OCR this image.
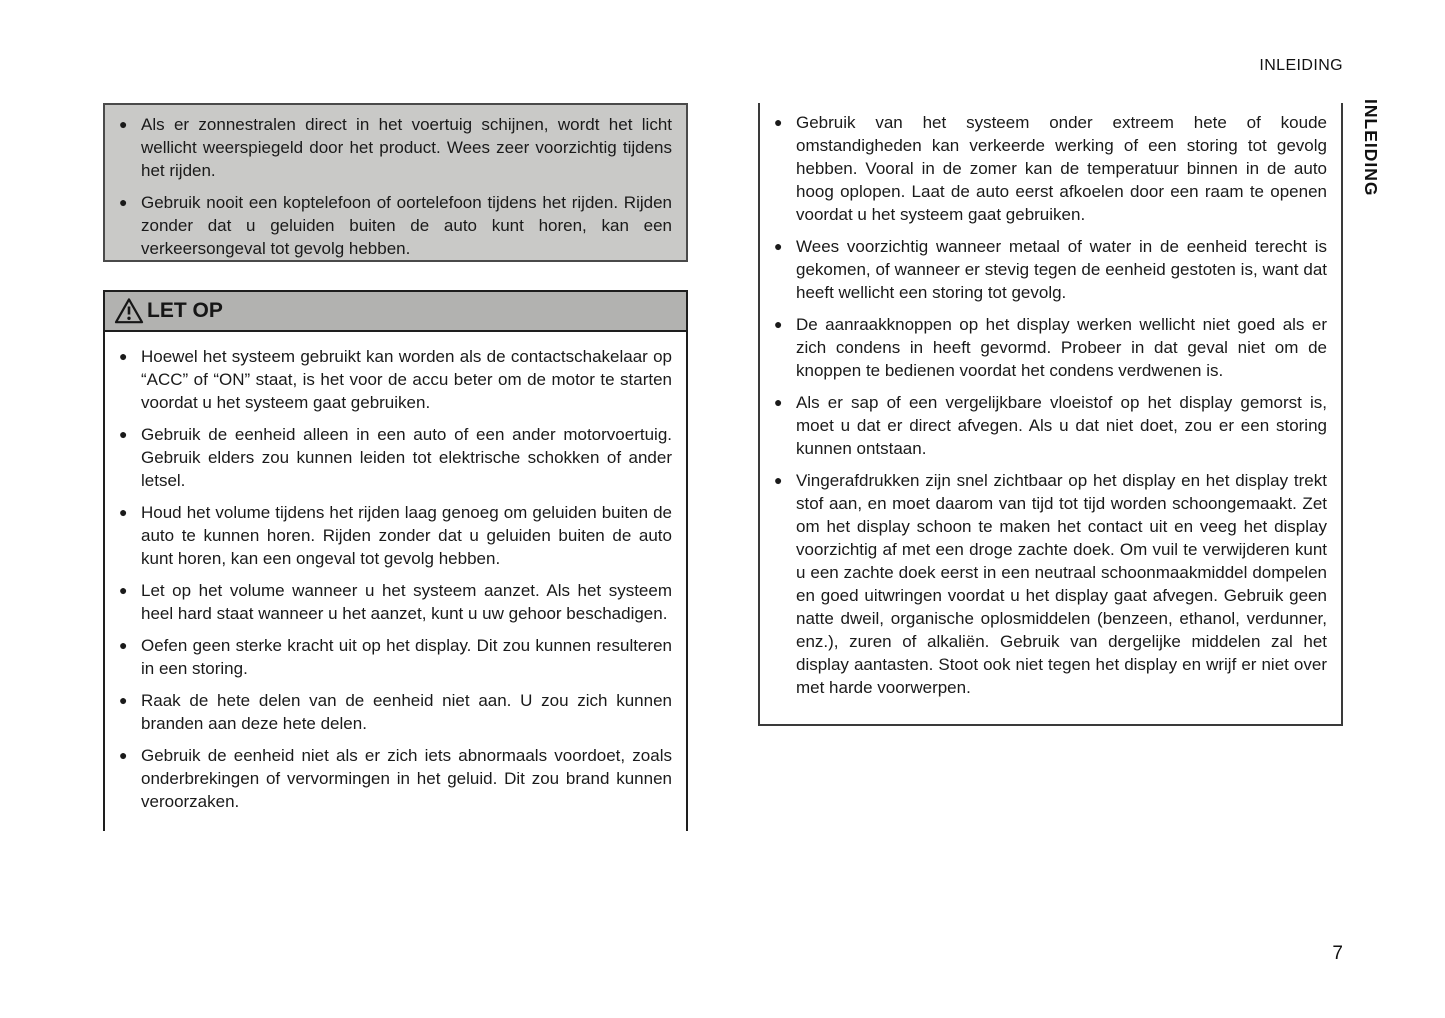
INLEIDING
INLEIDING
● Als er zonnestralen direct in het voertuig schijnen, wordt het licht wellicht weerspiegeld door het product. Wees zeer voorzichtig tijdens het rijden.
● Gebruik nooit een koptelefoon of oortelefoon tijdens het rijden. Rijden zonder dat u geluiden buiten de auto kunt horen, kan een verkeersongeval tot gevolg hebben.
LET OP
● Hoewel het systeem gebruikt kan worden als de contactschakelaar op “ACC” of “ON” staat, is het voor de accu beter om de motor te starten voordat u het systeem gaat gebruiken.
● Gebruik de eenheid alleen in een auto of een ander motorvoertuig. Gebruik elders zou kunnen leiden tot elektrische schokken of ander letsel.
● Houd het volume tijdens het rijden laag genoeg om geluiden buiten de auto te kunnen horen. Rijden zonder dat u geluiden buiten de auto kunt horen, kan een ongeval tot gevolg hebben.
● Let op het volume wanneer u het systeem aanzet. Als het systeem heel hard staat wanneer u het aanzet, kunt u uw gehoor beschadigen.
● Oefen geen sterke kracht uit op het display. Dit zou kunnen resulteren in een storing.
● Raak de hete delen van de eenheid niet aan. U zou zich kunnen branden aan deze hete delen.
● Gebruik de eenheid niet als er zich iets abnormaals voordoet, zoals onderbrekingen of vervormingen in het geluid. Dit zou brand kunnen veroorzaken.
● Gebruik van het systeem onder extreem hete of koude omstandigheden kan verkeerde werking of een storing tot gevolg hebben. Vooral in de zomer kan de temperatuur binnen in de auto hoog oplopen. Laat de auto eerst afkoelen door een raam te openen voordat u het systeem gaat gebruiken.
● Wees voorzichtig wanneer metaal of water in de eenheid terecht is gekomen, of wanneer er stevig tegen de eenheid gestoten is, want dat heeft wellicht een storing tot gevolg.
● De aanraakknoppen op het display werken wellicht niet goed als er zich condens in heeft gevormd. Probeer in dat geval niet om de knoppen te bedienen voordat het condens verdwenen is.
● Als er sap of een vergelijkbare vloeistof op het display gemorst is, moet u dat er direct afvegen. Als u dat niet doet, zou er een storing kunnen ontstaan.
● Vingerafdrukken zijn snel zichtbaar op het display en het display trekt stof aan, en moet daarom van tijd tot tijd worden schoongemaakt. Zet om het display schoon te maken het contact uit en veeg het display voorzichtig af met een droge zachte doek. Om vuil te verwijderen kunt u een zachte doek eerst in een neutraal schoonmaakmiddel dompelen en goed uitwringen voordat u het display gaat afvegen. Gebruik geen natte dweil, organische oplosmiddelen (benzeen, ethanol, verdunner, enz.), zuren of alkaliën. Gebruik van dergelijke middelen zal het display aantasten. Stoot ook niet tegen het display en wrijf er niet over met harde voorwerpen.
7
